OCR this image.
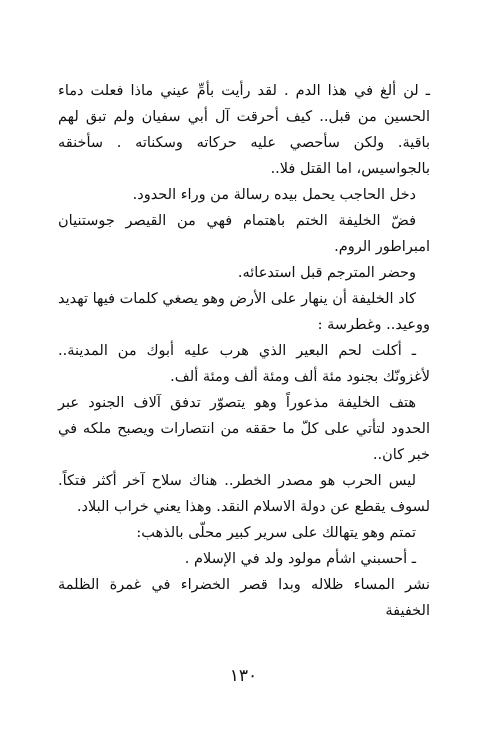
ـ لن ألغ في هذا الدم . لقد رأيت بأمِّ عيني ماذا فعلت دماء الحسين من قبل.. كيف أحرقت آل أبي سفيان ولم تبق لهم باقية. ولكن سأحصي عليه حركاته وسكناته . سأخنقه بالجواسيس، اما القتل فلا..

دخل الحاجب يحمل بيده رسالة من وراء الحدود.

فضّ الخليفة الختم باهتمام فهي من القيصر جوستنيان امبراطور الروم.

وحضر المترجم قبل استدعائه.

كاد الخليفة أن ينهار على الأرض وهو يصغي كلمات فيها تهديد ووعيد.. وغطرسة :

ـ أكلت لحم البعير الذي هرب عليه أبوك من المدينة.. لأغزونّك بجنود مئة ألف ومئة ألف ومئة ألف.

هتف الخليفة مذعوراً وهو يتصوّر تدفق آلاف الجنود عبر الحدود لتأتي على كلّ ما حققه من انتصارات ويصبح ملكه في خبر كان..

ليس الحرب هو مصدر الخطر.. هناك سلاح آخر أكثر فتكاً. لسوف يقطع عن دولة الاسلام النقد. وهذا يعني خراب البلاد.

تمتم وهو يتهالك على سرير كبير محلّى بالذهب:

ـ أحسبني اشأم مولود ولد في الإسلام .

نشر المساء ظلاله وبدا قصر الخضراء في غمرة الظلمة الخفيفة

١٣٠
